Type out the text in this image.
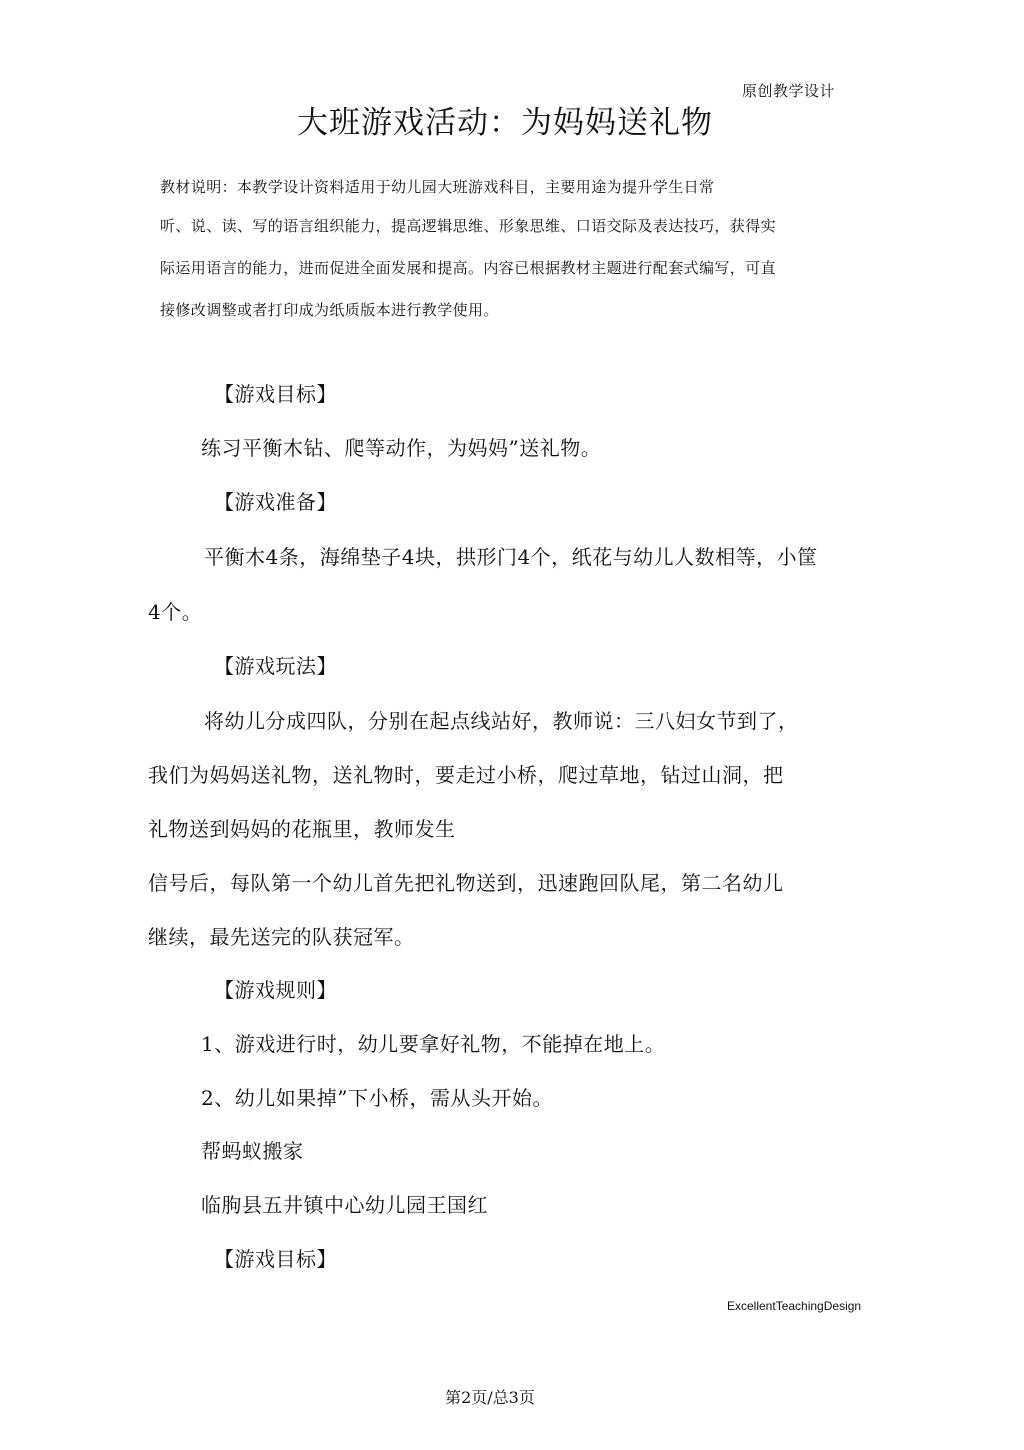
原创教学设计
大班游戏活动：为妈妈送礼物
教材说明：本教学设计资料适用于幼儿园大班游戏科目，主要用途为提升学生日常
听、说、读、写的语言组织能力，提高逻辑思维、形象思维、口语交际及表达技巧，获得实
际运用语言的能力，进而促进全面发展和提高。内容已根据教材主题进行配套式编写，可直
接修改调整或者打印成为纸质版本进行教学使用。
【游戏目标】
练习平衡木钻、爬等动作，为妈妈”送礼物。
【游戏准备】
平衡木4条，海绵垫子4块，拱形门4个，纸花与幼儿人数相等，小筐
4个。
【游戏玩法】
将幼儿分成四队，分别在起点线站好，教师说：三八妇女节到了，
我们为妈妈送礼物，送礼物时，要走过小桥，爬过草地，钻过山洞，把
礼物送到妈妈的花瓶里，教师发生
信号后，每队第一个幼儿首先把礼物送到，迅速跑回队尾，第二名幼儿
继续，最先送完的队获冠军。
【游戏规则】
1、游戏进行时，幼儿要拿好礼物，不能掉在地上。
2、幼儿如果掉”下小桥，需从头开始。
帮蚂蚁搬家
临朐县五井镇中心幼儿园王国红
【游戏目标】
ExcellentTeachingDesign
第2页/总3页
